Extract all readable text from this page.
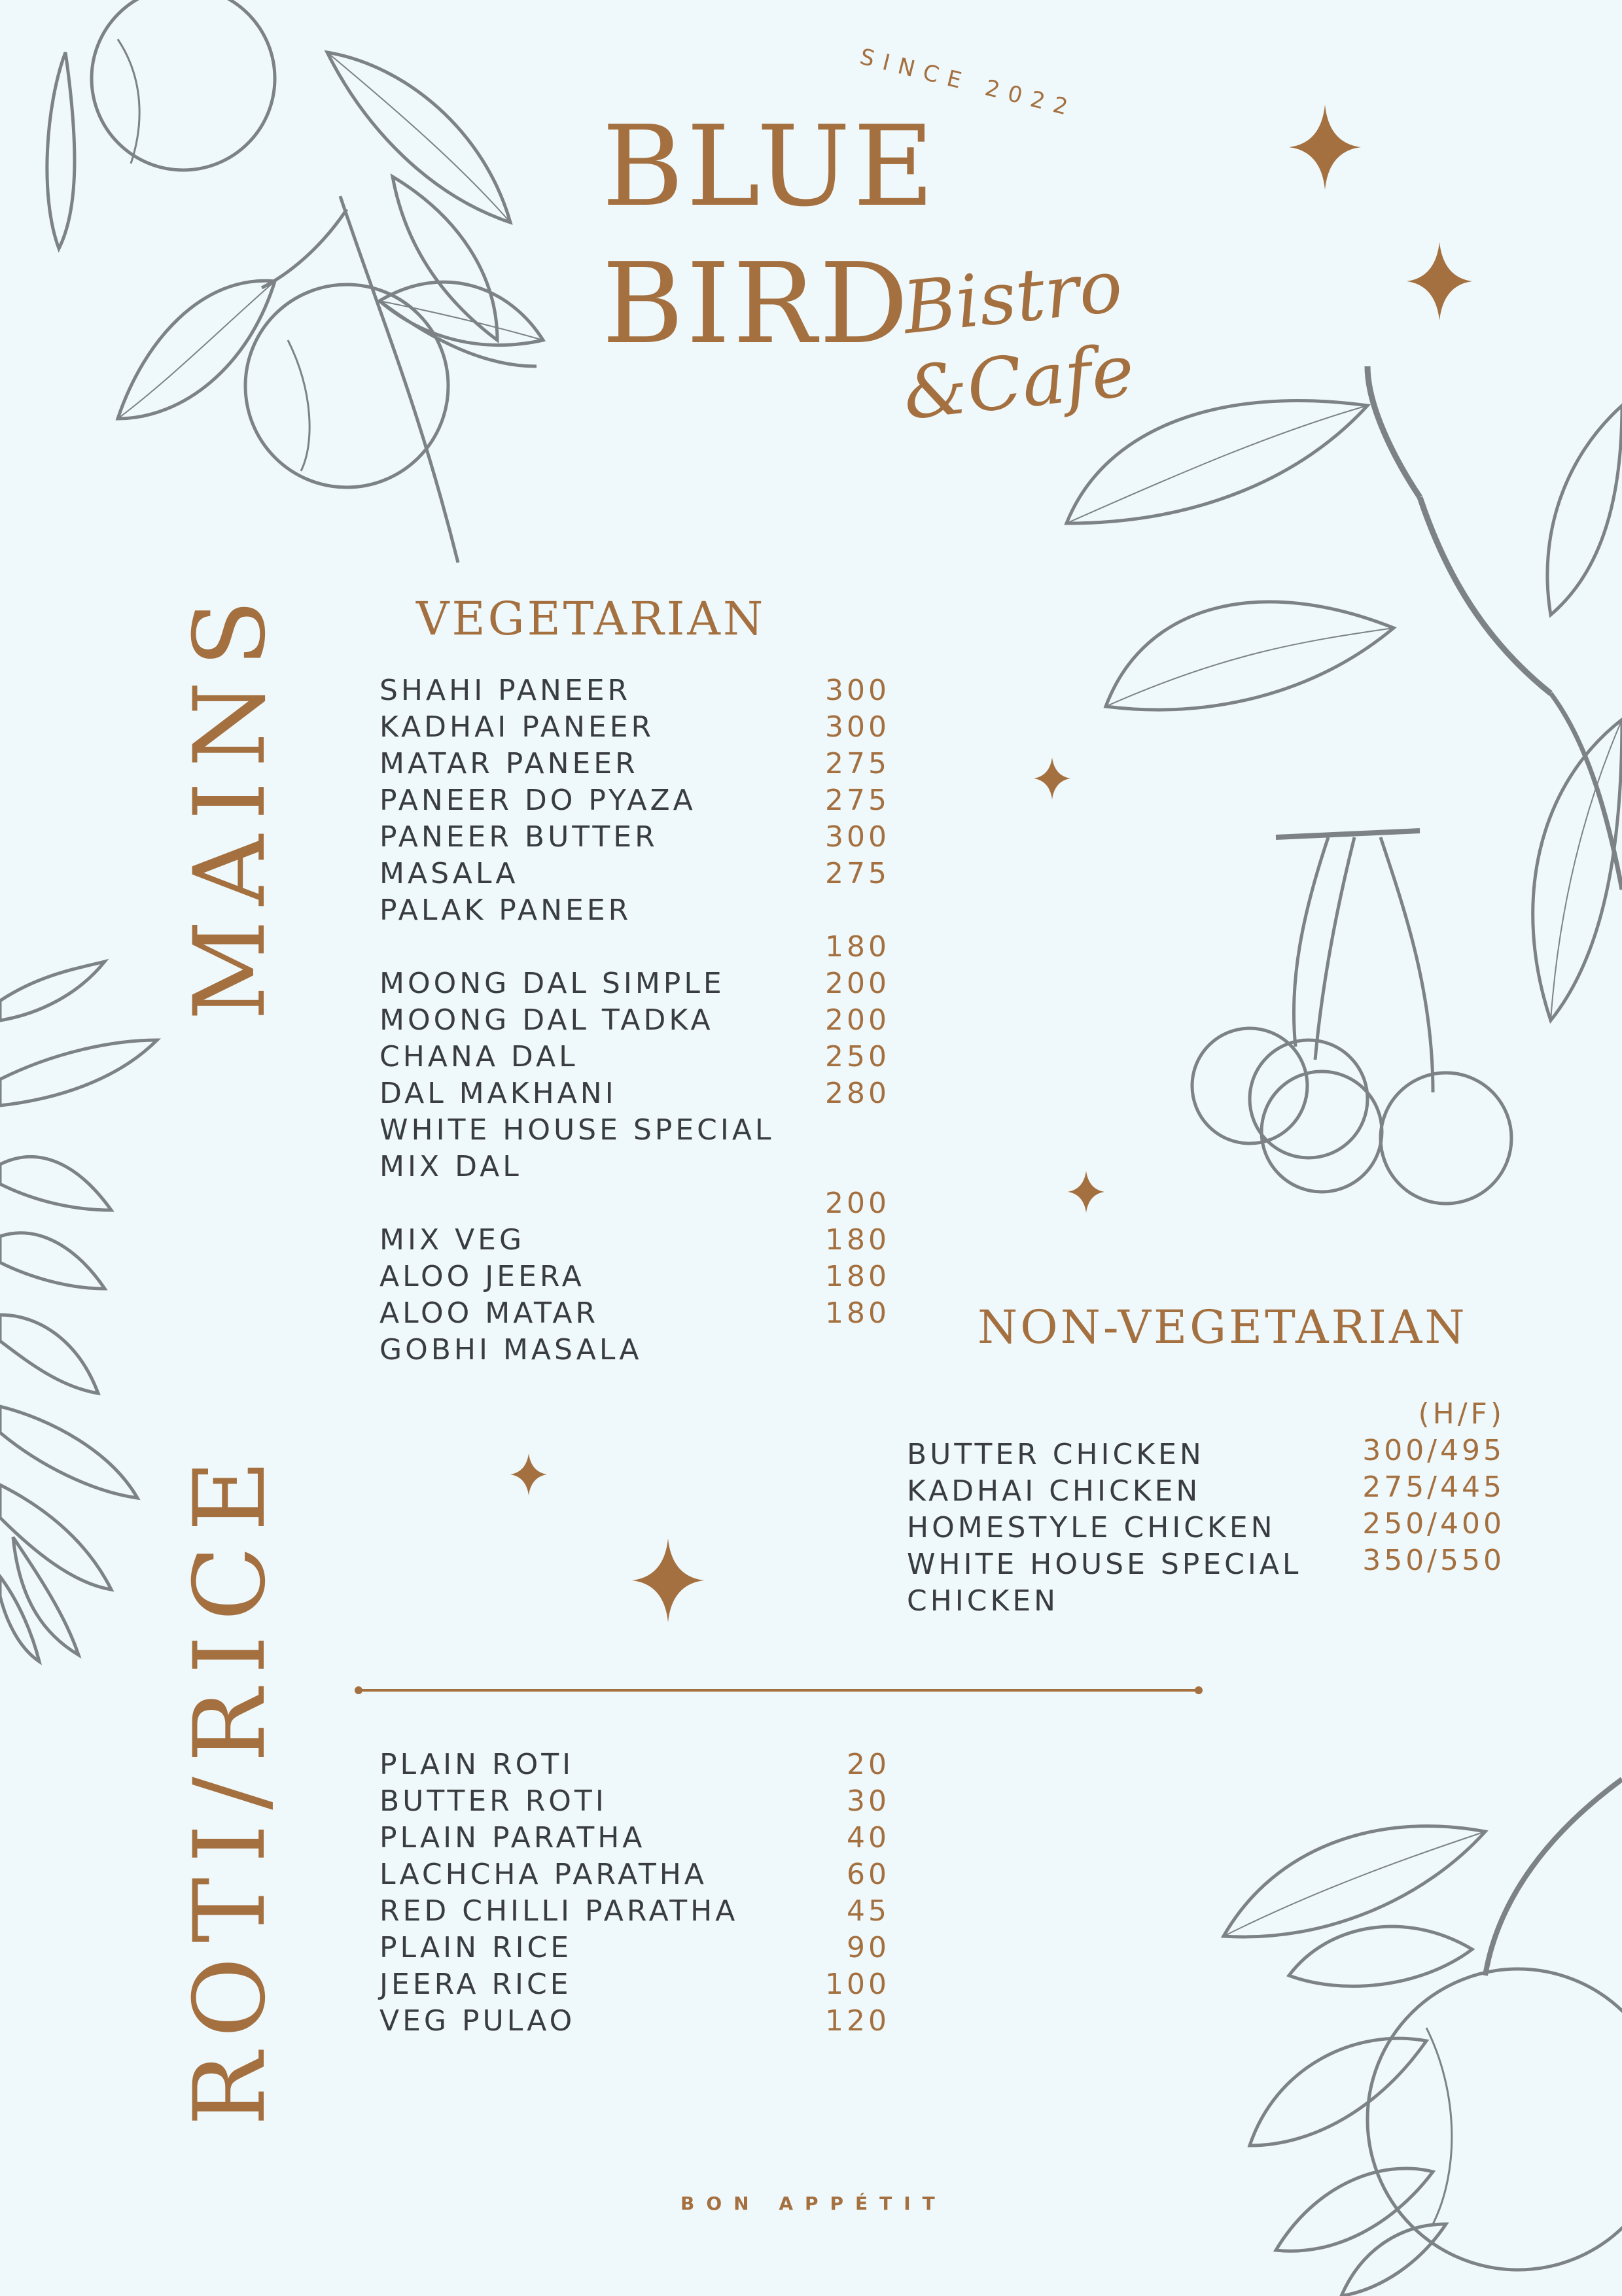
BLUE
BIRD
SINCE 2022
Bistro
&Cafe
MAINS
ROTI/RICE
VEGETARIAN
SHAHI PANEER
KADHAI PANEER
MATAR PANEER
PANEER DO PYAZA
PANEER BUTTER
MASALA
PALAK PANEER
MOONG DAL SIMPLE
MOONG DAL TADKA
CHANA DAL
DAL MAKHANI
WHITE HOUSE SPECIAL
MIX DAL
MIX VEG
ALOO JEERA
ALOO MATAR
GOBHI MASALA
300
300
275
275
300
275
180
200
200
250
280
200
180
180
180 NON-VEGETARIAN
(H/F)
BUTTER CHICKEN
KADHAI CHICKEN
HOMESTYLE CHICKEN
WHITE HOUSE SPECIAL
CHICKEN
300/495
275/445
250/400
350/550
PLAIN ROTI
BUTTER ROTI
PLAIN PARATHA
LACHCHA PARATHA
RED CHILLI PARATHA
PLAIN RICE
JEERA RICE
VEG PULAO
20
30
40
60
45
90
100
120
BON APPÉTIT
